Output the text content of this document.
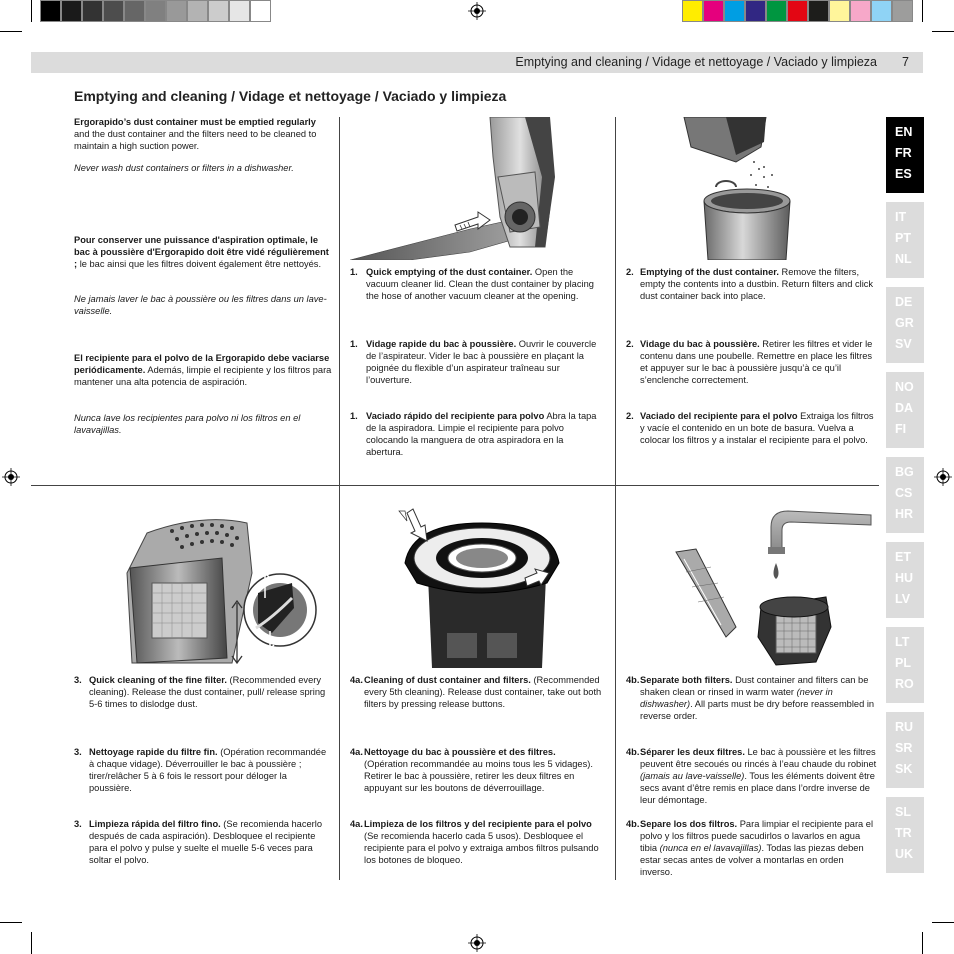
Emptying and cleaning / Vidage et nettoyage / Vaciado y limpieza 7
Emptying and cleaning / Vidage et nettoyage / Vaciado y limpieza
Ergorapido’s dust container must be emptied regularly and the dust container and the filters need to be cleaned to maintain a high suction power.
Never wash dust containers or filters in a dishwasher.
Pour conserver une puissance d'aspiration optimale, le bac à poussière d'Ergorapido doit être vidé régulièrement ; le bac ainsi que les filtres doivent également être nettoyés.
Ne jamais laver le bac à poussière ou les filtres dans un lave-vaisselle.
El recipiente para el polvo de la Ergorapido debe vaciarse periódicamente. Además, limpie el recipiente y los filtros para mantener una alta potencia de aspiración.
Nunca lave los recipientes para polvo ni los filtros en el lavavajillas.
1. Quick emptying of the dust container. Open the vacuum cleaner lid. Clean the dust container by placing the hose of another vacuum cleaner at the opening.
1. Vidage rapide du bac à poussière. Ouvrir le couvercle de l’aspirateur. Vider le bac à poussière en plaçant la poignée du flexible d’un aspirateur traîneau sur l’ouverture.
1. Vaciado rápido del recipiente para polvo Abra la tapa de la aspiradora. Limpie el recipiente para polvo colocando la manguera de otra aspiradora en la abertura.
2. Emptying of the dust container. Remove the filters, empty the contents into a dustbin. Return filters and click dust container back into place.
2. Vidage du bac à poussière. Retirer les filtres et vider le contenu dans une poubelle. Remettre en place les filtres et appuyer sur le bac à poussière jusqu’à ce qu’il s’enclenche correctement.
2. Vaciado del recipiente para el polvo Extraiga los filtros y vacíe el contenido en un bote de basura. Vuelva a colocar los filtros y a instalar el recipiente para el polvo.
3. Quick cleaning of the fine filter. (Recommended every cleaning). Release the dust container, pull/ release spring 5-6 times to dislodge dust.
3. Nettoyage rapide du filtre fin. (Opération recommandée à chaque vidage). Déverrouiller le bac à poussière ; tirer/relâcher 5 à 6 fois le ressort pour déloger la poussière.
3. Limpieza rápida del filtro fino. (Se recomienda hacerlo después de cada aspiración). Desbloquee el recipiente para el polvo y pulse y suelte el muelle 5-6 veces para soltar el polvo.
4a. Cleaning of dust container and filters. (Recommended every 5th cleaning). Release dust container, take out both filters by pressing release buttons.
4a. Nettoyage du bac à poussière et des filtres. (Opération recommandée au moins tous les 5 vidages). Retirer le bac à poussière, retirer les deux filtres en appuyant sur les boutons de déverrouillage.
4a. Limpieza de los filtros y del recipiente para el polvo (Se recomienda hacerlo cada 5 usos). Desbloquee el recipiente para el polvo y extraiga ambos filtros pulsando los botones de bloqueo.
4b. Separate both filters. Dust container and filters can be shaken clean or rinsed in warm water (never in dishwasher). All parts must be dry before reassembled in reverse order.
4b. Séparer les deux filtres. Le bac à poussière et les filtres peuvent être secoués ou rincés à l’eau chaude du robinet (jamais au lave-vaisselle). Tous les éléments doivent être secs avant d’être remis en place dans l’ordre inverse de leur démontage.
4b. Separe los dos filtros. Para limpiar el recipiente para el polvo y los filtros puede sacudirlos o lavarlos en agua tibia (nunca en el lavavajillas). Todas las piezas deben estar secas antes de volver a montarlas en orden inverso.
EN
FR
ES
IT
PT
NL
DE
GR
SV
NO
DA
FI
BG
CS
HR
ET
HU
LV
LT
PL
RO
RU
SR
SK
SL
TR
UK
